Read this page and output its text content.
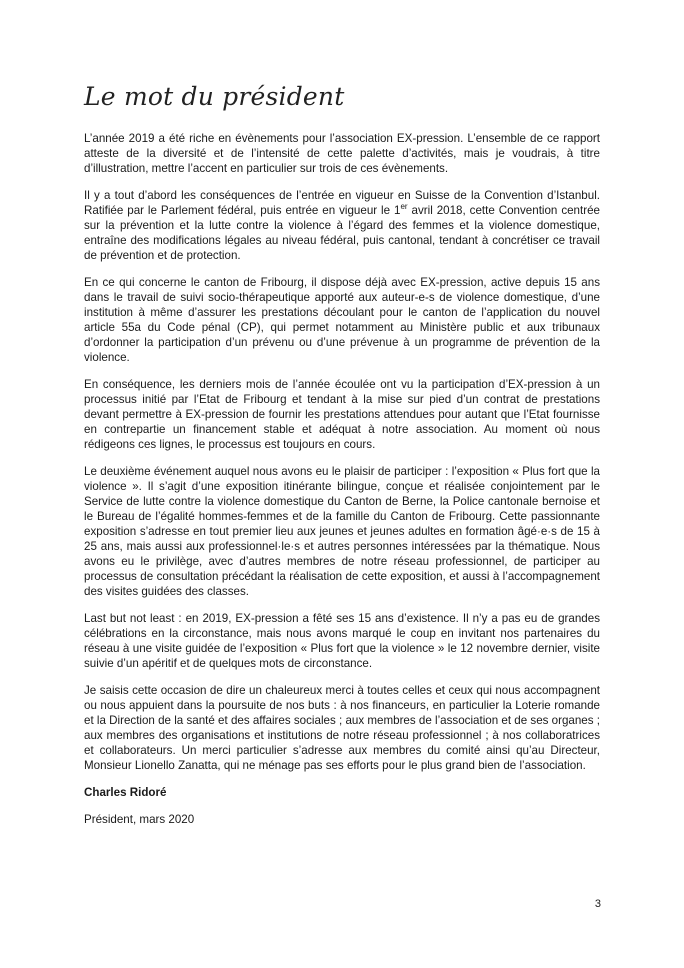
Le mot du président

L’année 2019 a été riche en évènements pour l’association EX-pression. L’ensemble de ce rapport atteste de la diversité et de l’intensité de cette palette d’activités, mais je voudrais, à titre d’illustration, mettre l’accent en particulier sur trois de ces évènements.

Il y a tout d’abord les conséquences de l’entrée en vigueur en Suisse de la Convention d’Istanbul. Ratifiée par le Parlement fédéral, puis entrée en vigueur le 1er avril 2018, cette Convention centrée sur la prévention et la lutte contre la violence à l’égard des femmes et la violence domestique, entraîne des modifications légales au niveau fédéral, puis cantonal, tendant à concrétiser ce travail de prévention et de protection.

En ce qui concerne le canton de Fribourg, il dispose déjà avec EX-pression, active depuis 15 ans dans le travail de suivi socio-thérapeutique apporté aux auteur-e-s de violence domestique, d’une institution à même d’assurer les prestations découlant pour le canton de l’application du nouvel article 55a du Code pénal (CP), qui permet notamment au Ministère public et aux tribunaux d’ordonner la participation d’un prévenu ou d’une prévenue à un programme de prévention de la violence.

En conséquence, les derniers mois de l’année écoulée ont vu la participation d’EX-pression à un processus initié par l’Etat de Fribourg et tendant à la mise sur pied d’un contrat de prestations devant permettre à EX-pression de fournir les prestations attendues pour autant que l’Etat fournisse en contrepartie un financement stable et adéquat à notre association. Au moment où nous rédigeons ces lignes, le processus est toujours en cours.

Le deuxième événement auquel nous avons eu le plaisir de participer : l’exposition « Plus fort que la violence ». Il s’agit d’une exposition itinérante bilingue, conçue et réalisée conjointement par le Service de lutte contre la violence domestique du Canton de Berne, la Police cantonale bernoise et le Bureau de l’égalité hommes-femmes et de la famille du Canton de Fribourg. Cette passionnante exposition s’adresse en tout premier lieu aux jeunes et jeunes adultes en formation âgé·e·s de 15 à 25 ans, mais aussi aux professionnel·le·s et autres personnes intéressées par la thématique. Nous avons eu le privilège, avec d’autres membres de notre réseau professionnel, de participer au processus de consultation précédant la réalisation de cette exposition, et aussi à l’accompagnement des visites guidées des classes.

Last but not least : en 2019, EX-pression a fêté ses 15 ans d’existence. Il n’y a pas eu de grandes célébrations en la circonstance, mais nous avons marqué le coup en invitant nos partenaires du réseau à une visite guidée de l’exposition « Plus fort que la violence » le 12 novembre dernier, visite suivie d’un apéritif et de quelques mots de circonstance.

Je saisis cette occasion de dire un chaleureux merci à toutes celles et ceux qui nous accompagnent ou nous appuient dans la poursuite de nos buts : à nos financeurs, en particulier la Loterie romande et la Direction de la santé et des affaires sociales ; aux membres de l’association et de ses organes ; aux membres des organisations et institutions de notre réseau professionnel ; à nos collaboratrices et collaborateurs. Un merci particulier s’adresse aux membres du comité ainsi qu’au Directeur, Monsieur Lionello Zanatta, qui ne ménage pas ses efforts pour le plus grand bien de l’association.

Charles Ridoré

Président, mars 2020

3
